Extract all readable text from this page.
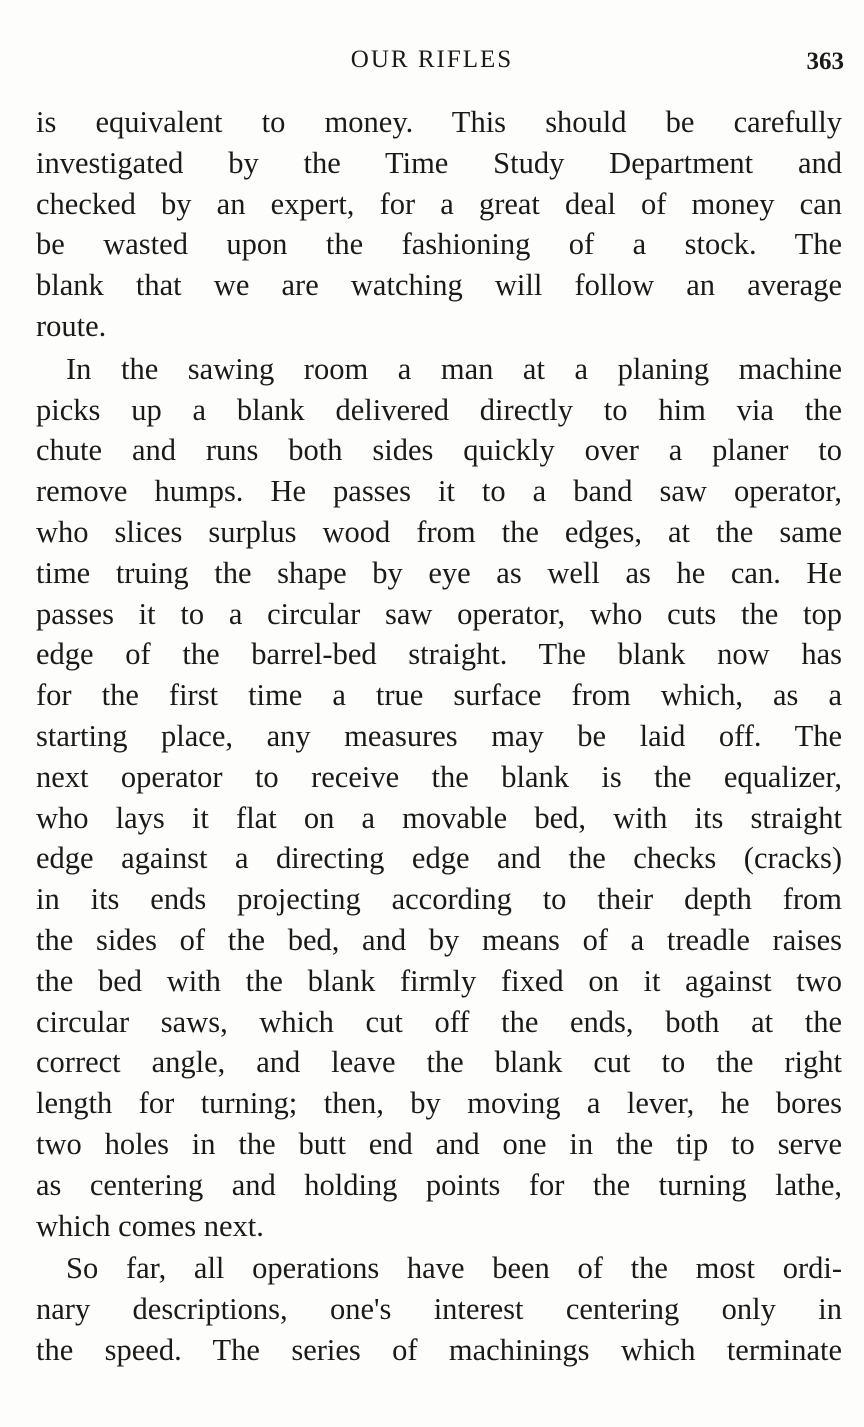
OUR RIFLES	363

is equivalent to money. This should be carefully
investigated by the Time Study Department and
checked by an expert, for a great deal of money can
be wasted upon the fashioning of a stock. The
blank that we are watching will follow an average
route.

In the sawing room a man at a planing machine
picks up a blank delivered directly to him via the
chute and runs both sides quickly over a planer to
remove humps. He passes it to a band saw operator,
who slices surplus wood from the edges, at the same
time truing the shape by eye as well as he can. He
passes it to a circular saw operator, who cuts the top
edge of the barrel-bed straight. The blank now has
for the first time a true surface from which, as a
starting place, any measures may be laid off. The
next operator to receive the blank is the equalizer,
who lays it flat on a movable bed, with its straight
edge against a directing edge and the checks (cracks)
in its ends projecting according to their depth from
the sides of the bed, and by means of a treadle raises
the bed with the blank firmly fixed on it against two
circular saws, which cut off the ends, both at the
correct angle, and leave the blank cut to the right
length for turning; then, by moving a lever, he bores
two holes in the butt end and one in the tip to serve
as centering and holding points for the turning lathe,
which comes next.

So far, all operations have been of the most ordi-
nary descriptions, one's interest centering only in
the speed. The series of machinings which terminate
